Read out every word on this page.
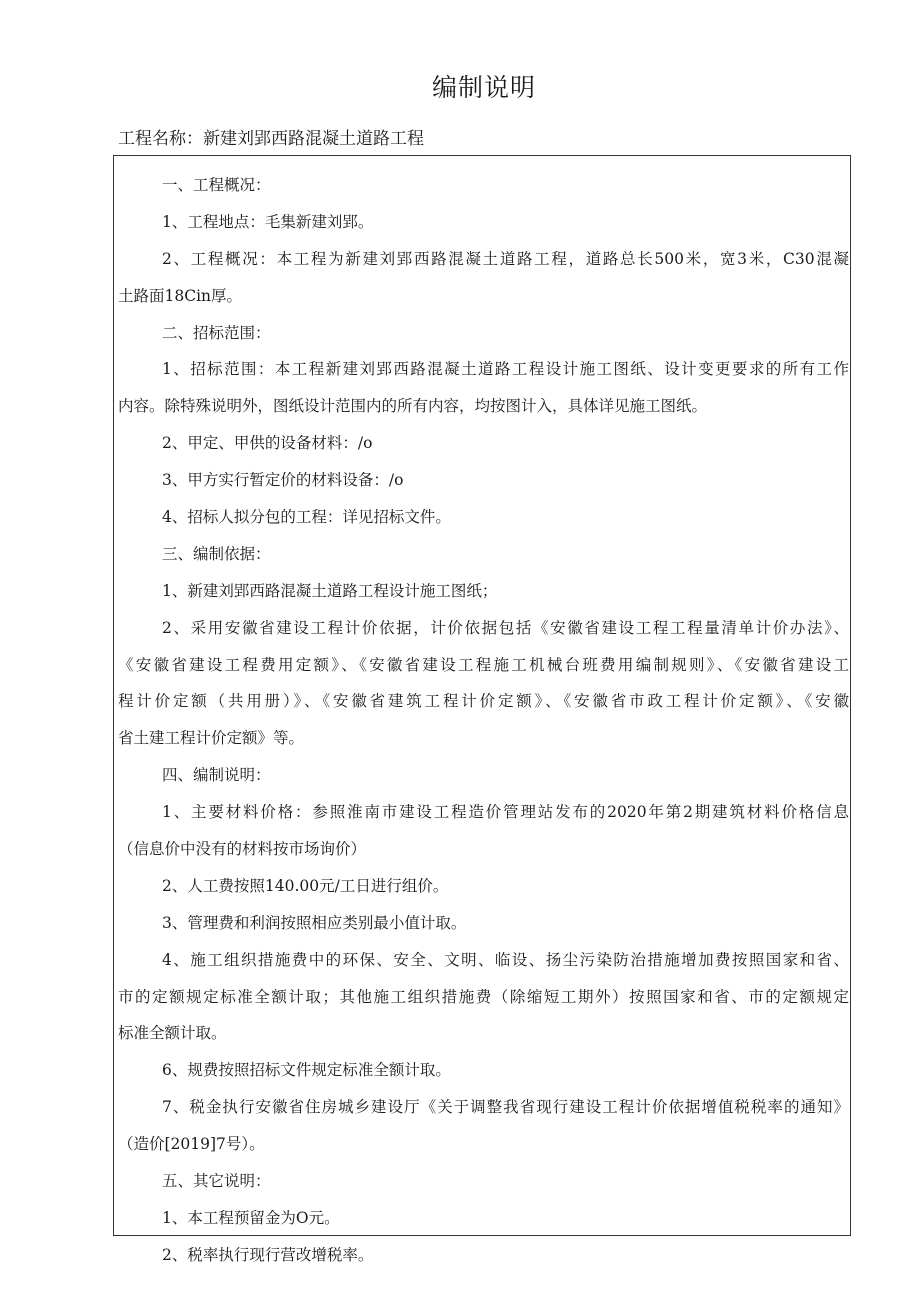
编制说明
工程名称：新建刘郢西路混凝土道路工程
一、工程概况：
1、工程地点：毛集新建刘郢。
2、工程概况：本工程为新建刘郢西路混凝土道路工程，道路总长500米，宽3米，C30混凝
土路面18Cin厚。
二、招标范围：
1、招标范围：本工程新建刘郢西路混凝土道路工程设计施工图纸、设计变更要求的所有工作
内容。除特殊说明外，图纸设计范围内的所有内容，均按图计入，具体详见施工图纸。
2、甲定、甲供的设备材料：/o
3、甲方实行暂定价的材料设备：/o
4、招标人拟分包的工程：详见招标文件。
三、编制依据：
1、新建刘郢西路混凝土道路工程设计施工图纸；
2、采用安徽省建设工程计价依据，计价依据包括《安徽省建设工程工程量清单计价办法》、
《安徽省建设工程费用定额》、《安徽省建设工程施工机械台班费用编制规则》、《安徽省建设工
程计价定额（共用册）》、《安徽省建筑工程计价定额》、《安徽省市政工程计价定额》、《安徽
省土建工程计价定额》等。
四、编制说明：
1、主要材料价格：参照淮南市建设工程造价管理站发布的2020年第2期建筑材料价格信息
（信息价中没有的材料按市场询价）
2、人工费按照140.00元/工日进行组价。
3、管理费和利润按照相应类别最小值计取。
4、施工组织措施费中的环保、安全、文明、临设、扬尘污染防治措施增加费按照国家和省、
市的定额规定标准全额计取；其他施工组织措施费（除缩短工期外）按照国家和省、市的定额规定
标准全额计取。
6、规费按照招标文件规定标准全额计取。
7、税金执行安徽省住房城乡建设厅《关于调整我省现行建设工程计价依据增值税税率的通知》
（造价[2019]7号）。
五、其它说明：
1、本工程预留金为O元。
2、税率执行现行营改增税率。
